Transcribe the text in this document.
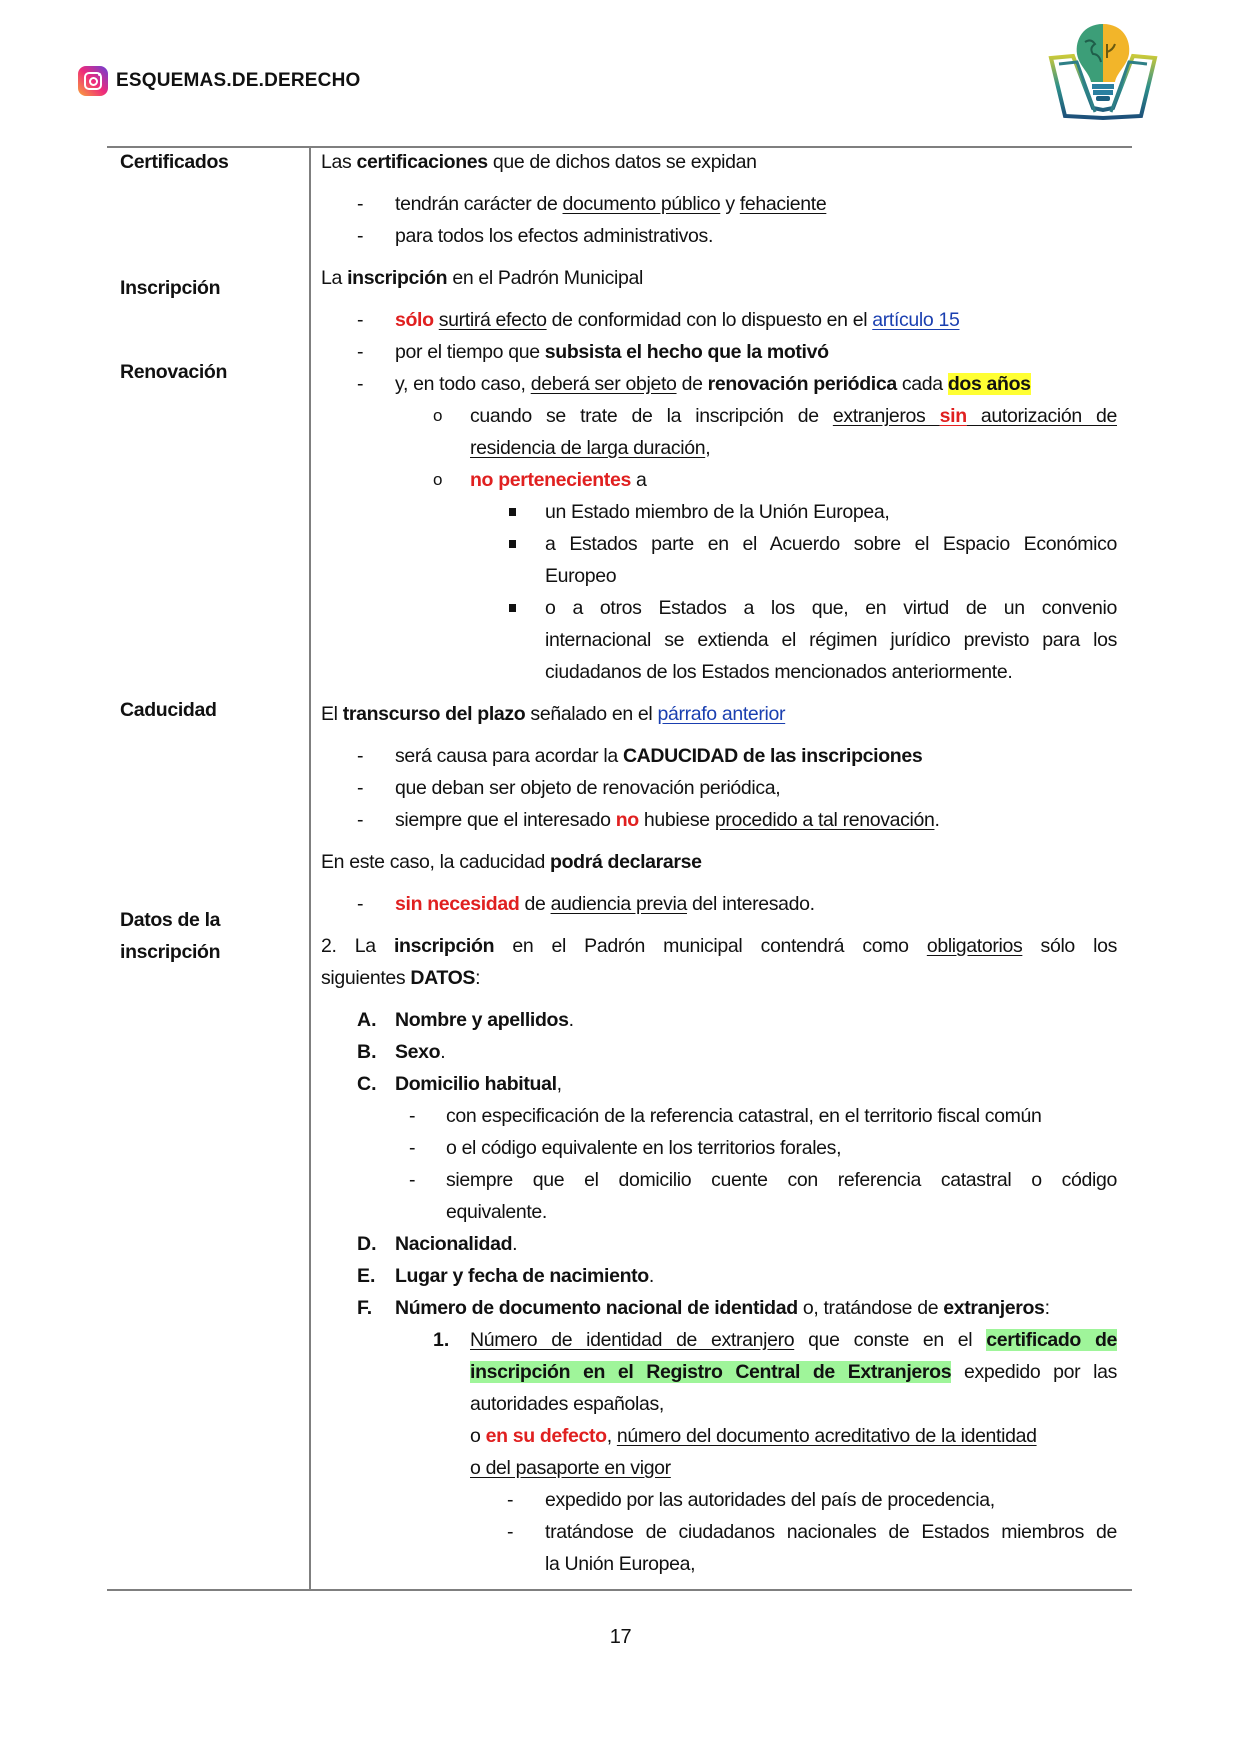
ESQUEMAS.DE.DERECHO
Certificados
Inscripción
Renovación
Caducidad
Datos de la
inscripción
Las certificaciones que de dichos datos se expidan
- tendrán carácter de documento público y fehaciente
- para todos los efectos administrativos.
La inscripción en el Padrón Municipal
- sólo surtirá efecto de conformidad con lo dispuesto en el artículo 15
- por el tiempo que subsista el hecho que la motivó
- y, en todo caso, deberá ser objeto de renovación periódica cada dos años
o cuando se trate de la inscripción de extranjeros sin autorización de
residencia de larga duración,
o no pertenecientes a
un Estado miembro de la Unión Europea,
a Estados parte en el Acuerdo sobre el Espacio Económico
Europeo
o a otros Estados a los que, en virtud de un convenio
internacional se extienda el régimen jurídico previsto para los
ciudadanos de los Estados mencionados anteriormente.
El transcurso del plazo señalado en el párrafo anterior
- será causa para acordar la CADUCIDAD de las inscripciones
- que deban ser objeto de renovación periódica,
- siempre que el interesado no hubiese procedido a tal renovación.
En este caso, la caducidad podrá declararse
- sin necesidad de audiencia previa del interesado.
2. La inscripción en el Padrón municipal contendrá como obligatorios sólo los
siguientes DATOS:
A. Nombre y apellidos.
B. Sexo.
C. Domicilio habitual,
- con especificación de la referencia catastral, en el territorio fiscal común
- o el código equivalente en los territorios forales,
- siempre que el domicilio cuente con referencia catastral o código
equivalente.
D. Nacionalidad.
E. Lugar y fecha de nacimiento.
F. Número de documento nacional de identidad o, tratándose de extranjeros:
1. Número de identidad de extranjero que conste en el certificado de
inscripción en el Registro Central de Extranjeros expedido por las
autoridades españolas,
o en su defecto, número del documento acreditativo de la identidad
o del pasaporte en vigor
- expedido por las autoridades del país de procedencia,
- tratándose de ciudadanos nacionales de Estados miembros de
la Unión Europea,
17
